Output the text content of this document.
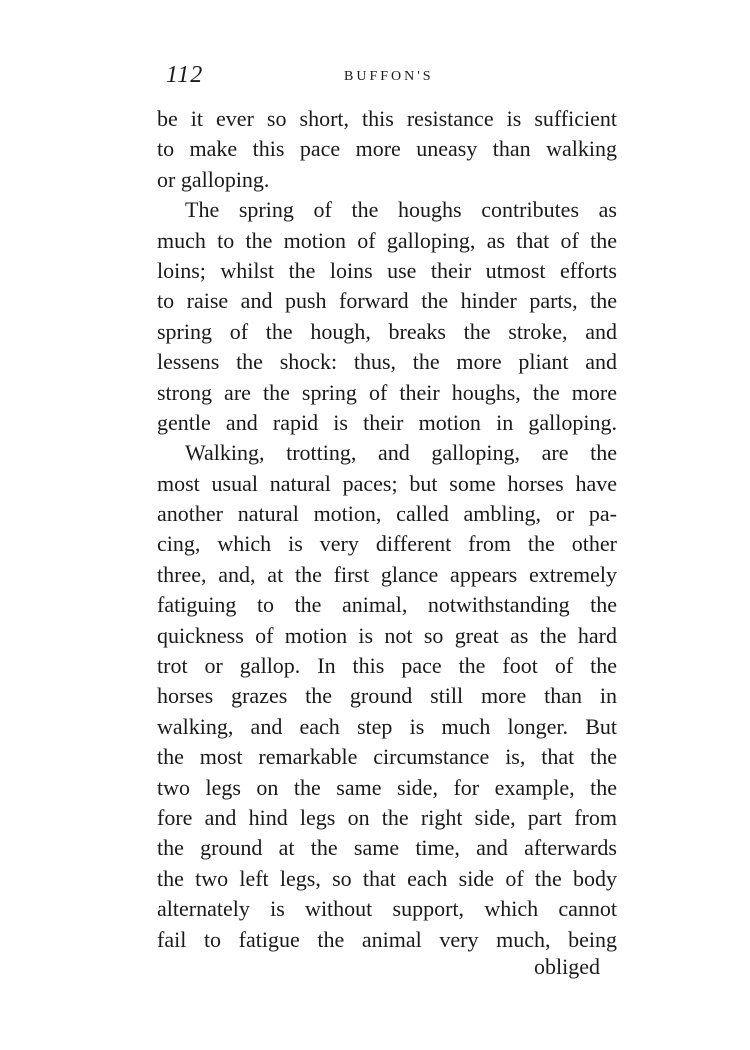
112	BUFFON'S
be it ever so short, this resistance is sufficient
to make this pace more uneasy than walking
or galloping.
The spring of the houghs contributes as
much to the motion of galloping, as that of the
loins; whilst the loins use their utmost efforts
to raise and push forward the hinder parts, the
spring of the hough, breaks the stroke, and
lessens the shock: thus, the more pliant and
strong are the spring of their houghs, the more
gentle and rapid is their motion in galloping.
Walking, trotting, and galloping, are the
most usual natural paces; but some horses have
another natural motion, called ambling, or pa-
cing, which is very different from the other
three, and, at the first glance appears extremely
fatiguing to the animal, notwithstanding the
quickness of motion is not so great as the hard
trot or gallop. In this pace the foot of the
horses grazes the ground still more than in
walking, and each step is much longer. But
the most remarkable circumstance is, that the
two legs on the same side, for example, the
fore and hind legs on the right side, part from
the ground at the same time, and afterwards
the two left legs, so that each side of the body
alternately is without support, which cannot
fail to fatigue the animal very much, being
obliged
